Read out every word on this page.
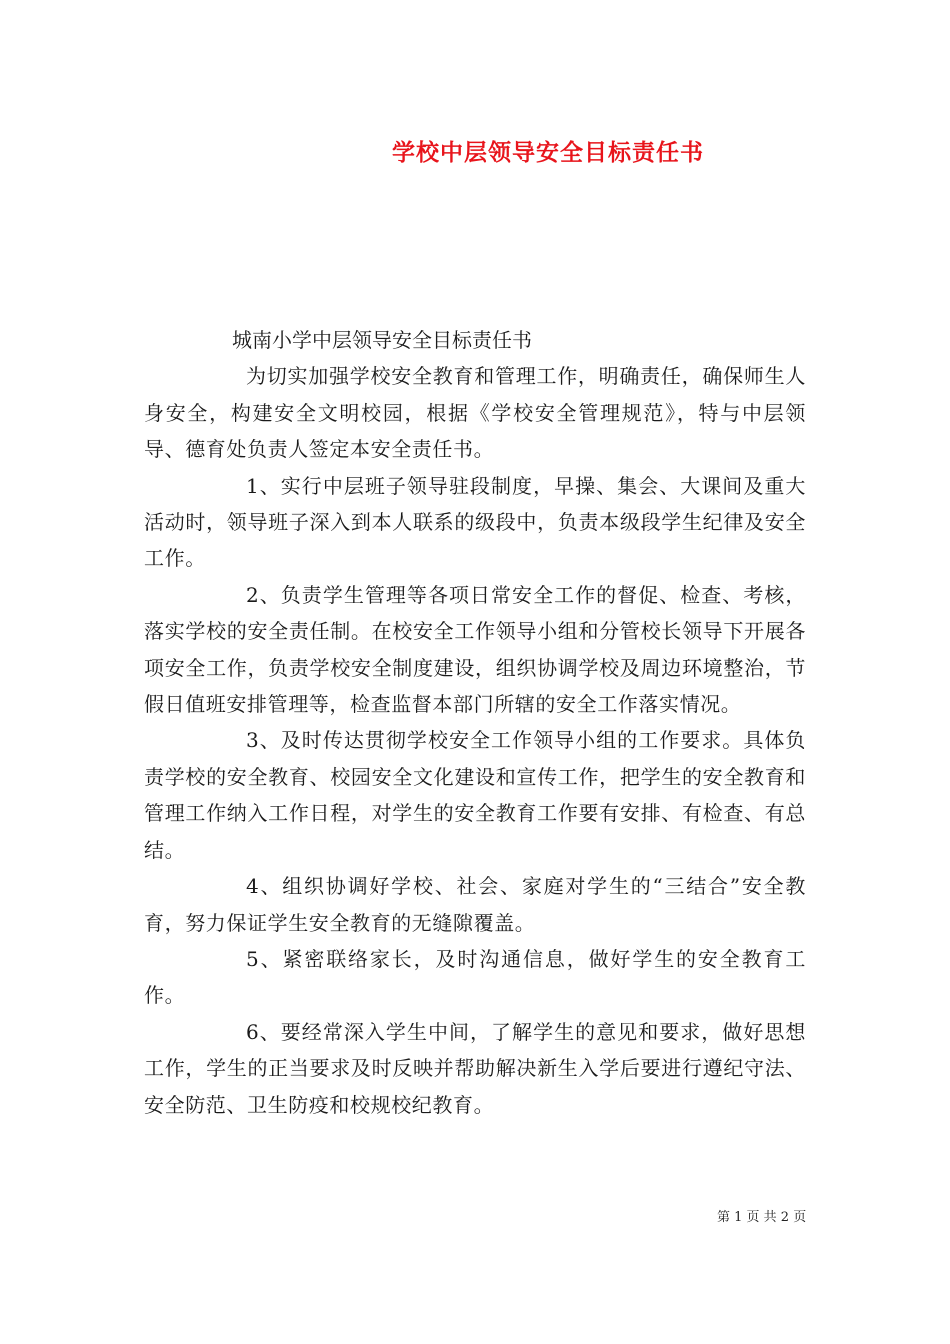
学校中层领导安全目标责任书

城南小学中层领导安全目标责任书

为切实加强学校安全教育和管理工作，明确责任，确保师生人身安全，构建安全文明校园，根据《学校安全管理规范》，特与中层领导、德育处负责人签定本安全责任书。

1、实行中层班子领导驻段制度，早操、集会、大课间及重大活动时，领导班子深入到本人联系的级段中，负责本级段学生纪律及安全工作。

2、负责学生管理等各项日常安全工作的督促、检查、考核，落实学校的安全责任制。在校安全工作领导小组和分管校长领导下开展各项安全工作，负责学校安全制度建设，组织协调学校及周边环境整治，节假日值班安排管理等，检查监督本部门所辖的安全工作落实情况。

3、及时传达贯彻学校安全工作领导小组的工作要求。具体负责学校的安全教育、校园安全文化建设和宣传工作，把学生的安全教育和管理工作纳入工作日程，对学生的安全教育工作要有安排、有检查、有总结。

4、组织协调好学校、社会、家庭对学生的“三结合”安全教育，努力保证学生安全教育的无缝隙覆盖。

5、紧密联络家长，及时沟通信息，做好学生的安全教育工作。

6、要经常深入学生中间，了解学生的意见和要求，做好思想工作，学生的正当要求及时反映并帮助解决新生入学后要进行遵纪守法、安全防范、卫生防疫和校规校纪教育。

第 1 页 共 2 页
